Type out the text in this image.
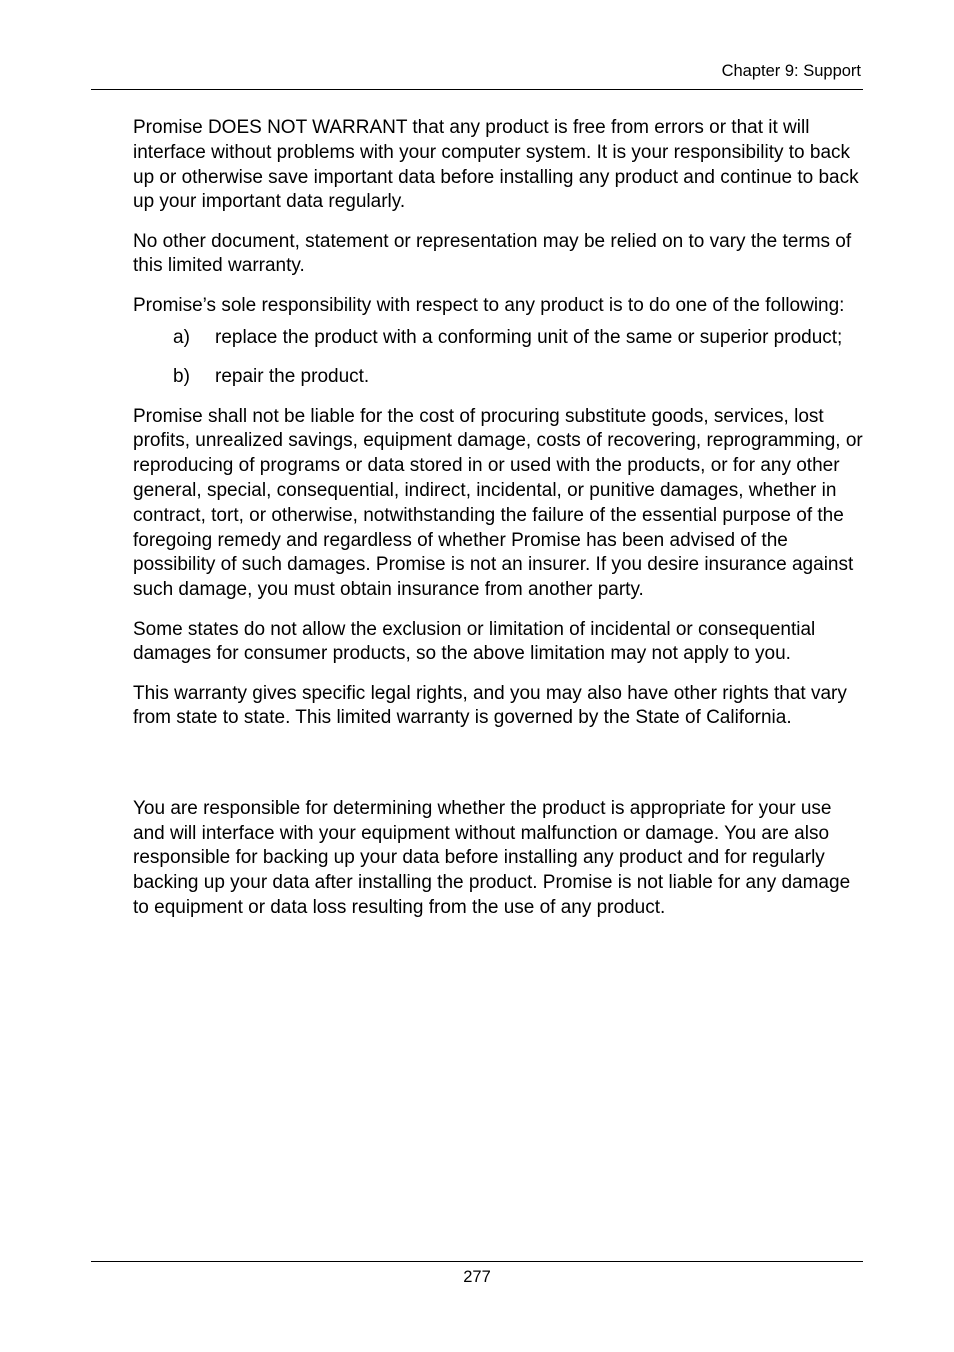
Chapter 9: Support

Promise DOES NOT WARRANT that any product is free from errors or that it will interface without problems with your computer system. It is your responsibility to back up or otherwise save important data before installing any product and continue to back up your important data regularly.

No other document, statement or representation may be relied on to vary the terms of this limited warranty.

Promise’s sole responsibility with respect to any product is to do one of the following:

a) replace the product with a conforming unit of the same or superior product;
b) repair the product.

Promise shall not be liable for the cost of procuring substitute goods, services, lost profits, unrealized savings, equipment damage, costs of recovering, reprogramming, or reproducing of programs or data stored in or used with the products, or for any other general, special, consequential, indirect, incidental, or punitive damages, whether in contract, tort, or otherwise, notwithstanding the failure of the essential purpose of the foregoing remedy and regardless of whether Promise has been advised of the possibility of such damages. Promise is not an insurer. If you desire insurance against such damage, you must obtain insurance from another party.

Some states do not allow the exclusion or limitation of incidental or consequential damages for consumer products, so the above limitation may not apply to you.

This warranty gives specific legal rights, and you may also have other rights that vary from state to state. This limited warranty is governed by the State of California.

You are responsible for determining whether the product is appropriate for your use and will interface with your equipment without malfunction or damage. You are also responsible for backing up your data before installing any product and for regularly backing up your data after installing the product. Promise is not liable for any damage to equipment or data loss resulting from the use of any product.

277
